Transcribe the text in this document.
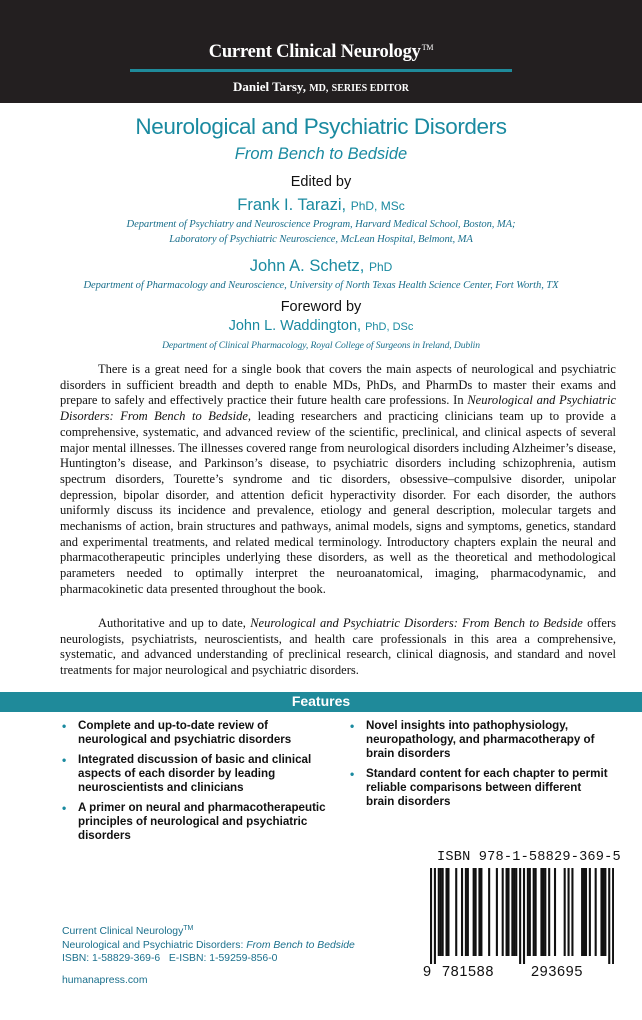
Current Clinical Neurology™
Daniel Tarsy, MD, SERIES EDITOR
Neurological and Psychiatric Disorders
From Bench to Bedside
Edited by
Frank I. Tarazi, PhD, MSc
Department of Psychiatry and Neuroscience Program, Harvard Medical School, Boston, MA;
Laboratory of Psychiatric Neuroscience, McLean Hospital, Belmont, MA
John A. Schetz, PhD
Department of Pharmacology and Neuroscience, University of North Texas Health Science Center, Fort Worth, TX
Foreword by
John L. Waddington, PhD, DSc
Department of Clinical Pharmacology, Royal College of Surgeons in Ireland, Dublin
There is a great need for a single book that covers the main aspects of neurological and psychiatric disorders in sufficient breadth and depth to enable MDs, PhDs, and PharmDs to master their exams and prepare to safely and effectively practice their future health care professions. In Neurological and Psychiatric Disorders: From Bench to Bedside, leading researchers and practicing clinicians team up to provide a comprehensive, systematic, and advanced review of the scientific, preclinical, and clinical aspects of several major mental illnesses. The illnesses covered range from neurological disorders including Alzheimer’s disease, Huntington’s disease, and Parkinson’s disease, to psychiatric disorders including schizophrenia, autism spectrum disorders, Tourette’s syndrome and tic disorders, obsessive–compulsive disorder, unipolar depression, bipolar disorder, and attention deficit hyperactivity disorder. For each disorder, the authors uniformly discuss its incidence and prevalence, etiology and general description, molecular targets and mechanisms of action, brain structures and pathways, animal models, signs and symptoms, genetics, standard and experimental treatments, and related medical terminology. Introductory chapters explain the neural and pharmacotherapeutic principles underlying these disorders, as well as the theoretical and methodological parameters needed to optimally interpret the neuroanatomical, imaging, pharmacodynamic, and pharmacokinetic data presented throughout the book.
Authoritative and up to date, Neurological and Psychiatric Disorders: From Bench to Bedside offers neurologists, psychiatrists, neuroscientists, and health care professionals in this area a comprehensive, systematic, and advanced understanding of preclinical research, clinical diagnosis, and standard and novel treatments for major neurological and psychiatric disorders.
Features
• Complete and up-to-date review of neurological and psychiatric disorders
• Integrated discussion of basic and clinical aspects of each disorder by leading neuroscientists and clinicians
• A primer on neural and pharmacotherapeutic principles of neurological and psychiatric disorders
• Novel insights into pathophysiology, neuropathology, and pharmacotherapy of brain disorders
• Standard content for each chapter to permit reliable comparisons between different brain disorders
ISBN 978-1-58829-369-5
9 781588	293695
Current Clinical Neurology™
Neurological and Psychiatric Disorders: From Bench to Bedside
ISBN: 1-58829-369-6   E-ISBN: 1-59259-856-0
humanapress.com
